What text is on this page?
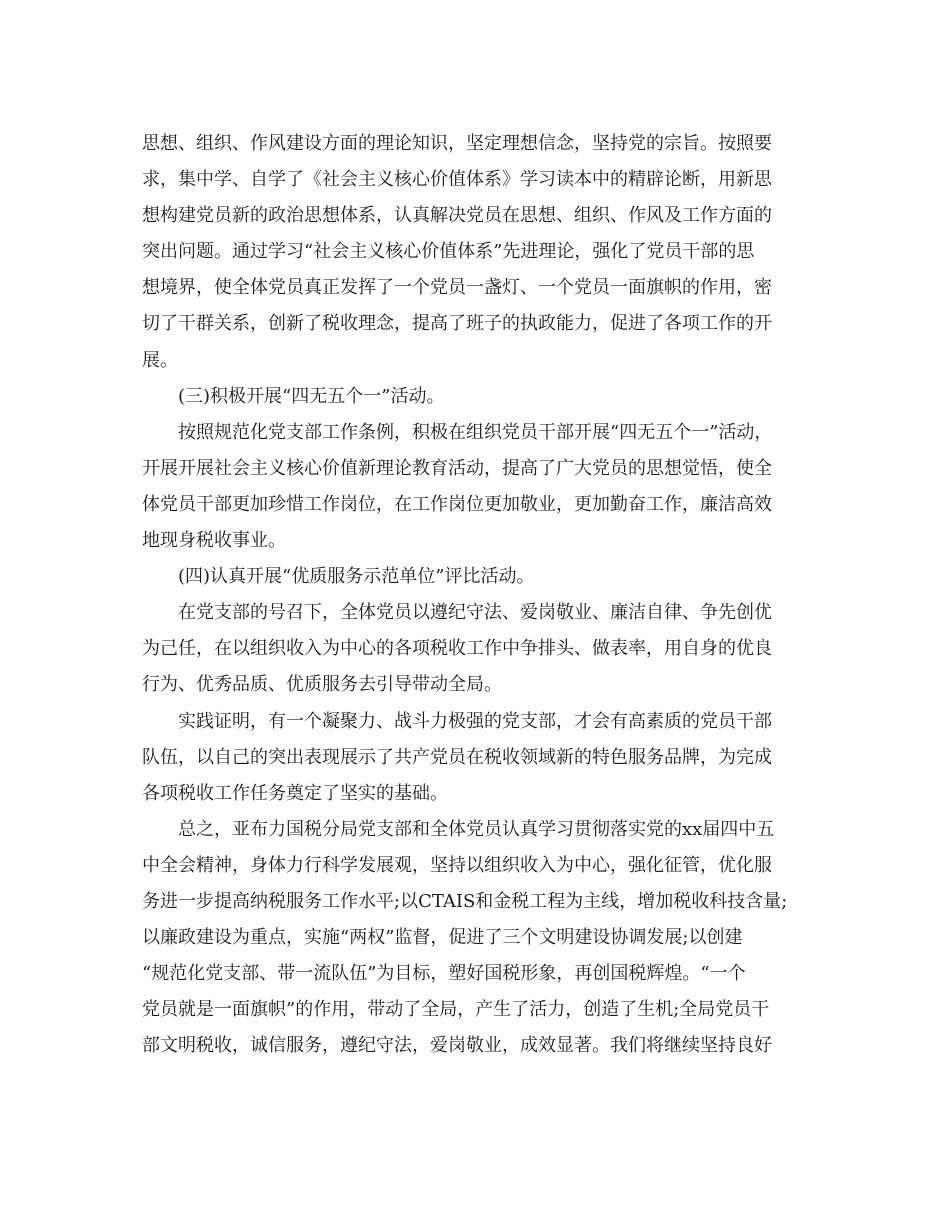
思想、组织、作风建设方面的理论知识，坚定理想信念，坚持党的宗旨。按照要
求，集中学、自学了《社会主义核心价值体系》学习读本中的精辟论断，用新思
想构建党员新的政治思想体系，认真解决党员在思想、组织、作风及工作方面的
突出问题。通过学习“社会主义核心价值体系”先进理论，强化了党员干部的思
想境界，使全体党员真正发挥了一个党员一盏灯、一个党员一面旗帜的作用，密
切了干群关系，创新了税收理念，提高了班子的执政能力，促进了各项工作的开
展。
(三)积极开展“四无五个一”活动。
按照规范化党支部工作条例，积极在组织党员干部开展“四无五个一”活动，
开展开展社会主义核心价值新理论教育活动，提高了广大党员的思想觉悟，使全
体党员干部更加珍惜工作岗位，在工作岗位更加敬业，更加勤奋工作，廉洁高效
地现身税收事业。
(四)认真开展“优质服务示范单位”评比活动。
在党支部的号召下，全体党员以遵纪守法、爱岗敬业、廉洁自律、争先创优
为己任，在以组织收入为中心的各项税收工作中争排头、做表率，用自身的优良
行为、优秀品质、优质服务去引导带动全局。
实践证明，有一个凝聚力、战斗力极强的党支部，才会有高素质的党员干部
队伍，以自己的突出表现展示了共产党员在税收领域新的特色服务品牌，为完成
各项税收工作任务奠定了坚实的基础。
总之，亚布力国税分局党支部和全体党员认真学习贯彻落实党的xx届四中五
中全会精神，身体力行科学发展观，坚持以组织收入为中心，强化征管，优化服
务进一步提高纳税服务工作水平;以CTAIS和金税工程为主线，增加税收科技含量;
以廉政建设为重点，实施“两权”监督，促进了三个文明建设协调发展;以创建
“规范化党支部、带一流队伍”为目标，塑好国税形象，再创国税辉煌。“一个
党员就是一面旗帜”的作用，带动了全局，产生了活力，创造了生机;全局党员干
部文明税收，诚信服务，遵纪守法，爱岗敬业，成效显著。我们将继续坚持良好
